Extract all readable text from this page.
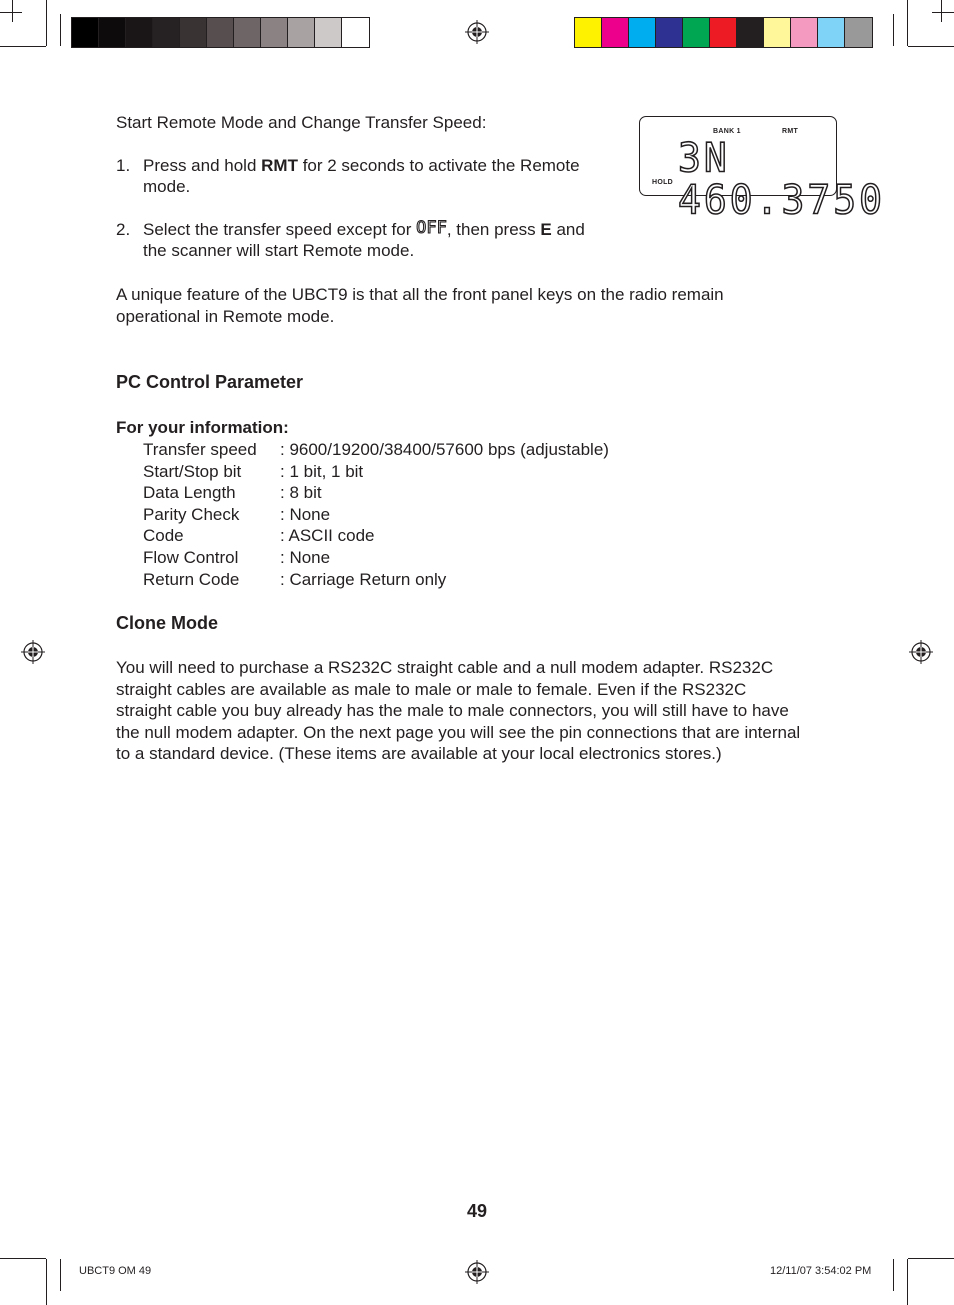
BANK 1	RMT
HOLD
3N 460.3750
Start Remote Mode and Change Transfer Speed:
1. Press and hold RMT for 2 seconds to activate the Remote
mode.
2. Select the transfer speed except for OFF, then press E and
the scanner will start Remote mode.
A unique feature of the UBCT9 is that all the front panel keys on the radio remain
operational in Remote mode.
PC Control Parameter
For your information:
Transfer speed : 9600/19200/38400/57600 bps (adjustable)
Start/Stop bit : 1 bit, 1 bit
Data Length	: 8 bit
Parity Check : None
Code	: ASCII code
Flow Control : None
Return Code : Carriage Return only
Clone Mode
You will need to purchase a RS232C straight cable and a null modem adapter. RS232C
straight cables are available as male to male or male to female. Even if the RS232C
straight cable you buy already has the male to male connectors, you will still have to have
the null modem adapter. On the next page you will see the pin connections that are internal
to a standard device. (These items are available at your local electronics stores.)
49
UBCT9 OM 49	12/11/07 3:54:02 PM
